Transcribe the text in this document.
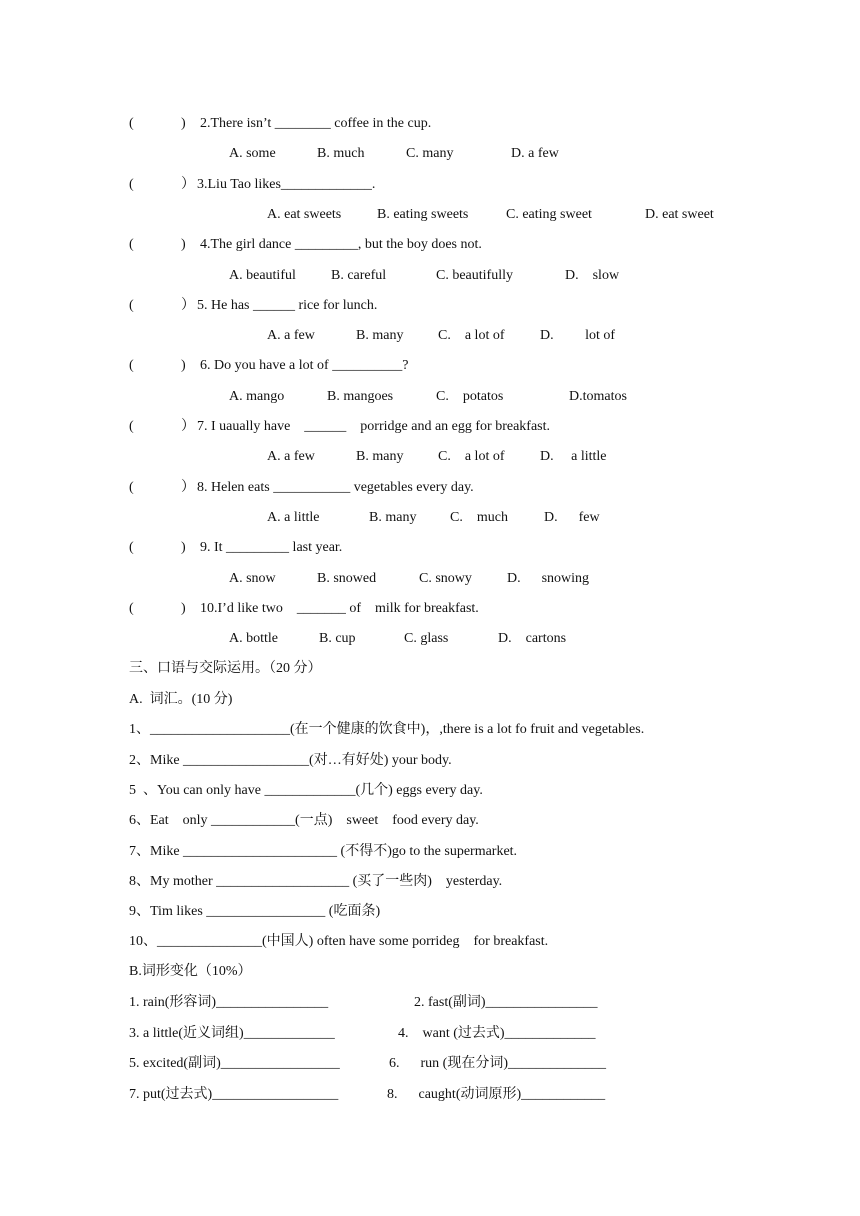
(	) 2.There isn’t ________ coffee in the cup.
A. some	B. much	C. many	D. a few
(	） 3.Liu Tao likes_____________.
A. eat sweets	B. eating sweets	C. eating sweet	D. eat sweet
(	) 4.The girl dance _________, but the boy does not.
A. beautiful	B. careful	C. beautifully	D.    slow
(	） 5. He has ______ rice for lunch.
A. a few	B. many C.    a lot of	D.         lot of
(	) 6. Do you have a lot of __________?
A. mango	B. mangoes	C.    potatos	D.tomatos
(	） 7. I uaually have    ______    porridge and an egg for breakfast.
A. a few	B. many C.    a lot of	D.     a little
(	） 8. Helen eats ___________ vegetables every day.
A. a little	B. many C.    much	D.      few
(	) 9. It _________ last year.
A. snow	B. snowed	C. snowy	D.      snowing
(	) 10.I’d like two    _______ of    milk for breakfast.
A. bottle	B. cup	C. glass	D.    cartons
三、口语与交际运用。（20 分）
A.  词汇。(10 分)
1、____________________(在一个健康的饮食中)，,there is a lot fo fruit and vegetables.
2、Mike __________________(对…有好处) your body.
5  、You can only have _____________(几个) eggs every day.
6、Eat    only ____________(一点)    sweet    food every day.
7、Mike ______________________ (不得不)go to the supermarket.
8、My mother ___________________ (买了一些肉)    yesterday.
9、Tim likes _________________ (吃面条)
10、_______________(中国人) often have some porrideg    for breakfast.
B.词形变化（10%）
1. rain(形容词)________________	2. fast(副词)________________
3. a little(近义词组)_____________	4.    want (过去式)_____________
5. excited(副词)_________________	6.      run (现在分词)______________
7. put(过去式)__________________	8.      caught(动词原形)____________
